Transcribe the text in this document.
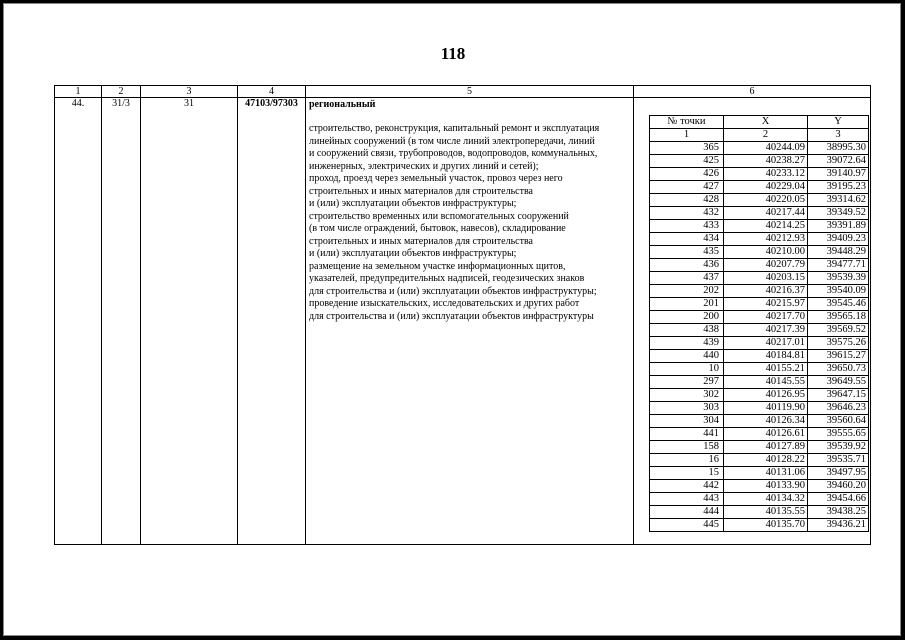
118
1	2	3	4	5	6
44.	31/3	31	47103/97303	региональный
строительство, реконструкция, капитальный ремонт и эксплуатация
линейных сооружений (в том числе линий электропередачи, линий
и сооружений связи, трубопроводов, водопроводов, коммунальных,
инженерных, электрических и других линий и сетей);
проход, проезд через земельный участок, провоз через него
строительных и иных материалов для строительства
и (или) эксплуатации объектов инфраструктуры;
строительство временных или вспомогательных сооружений
(в том числе ограждений, бытовок, навесов), складирование
строительных и иных материалов для строительства
и (или) эксплуатации объектов инфраструктуры;
размещение на земельном участке информационных щитов,
указателей, предупредительных надписей, геодезических знаков
для строительства и (или) эксплуатации объектов инфраструктуры;
проведение изыскательских, исследовательских и других работ
для строительства и (или) эксплуатации объектов инфраструктуры

№ точки	X	Y
1	2	3
365	40244.09	38995.30
425	40238.27	39072.64
426	40233.12	39140.97
427	40229.04	39195.23
428	40220.05	39314.62
432	40217.44	39349.52
433	40214.25	39391.89
434	40212.93	39409.23
435	40210.00	39448.29
436	40207.79	39477.71
437	40203.15	39539.39
202	40216.37	39540.09
201	40215.97	39545.46
200	40217.70	39565.18
438	40217.39	39569.52
439	40217.01	39575.26
440	40184.81	39615.27
10	40155.21	39650.73
297	40145.55	39649.55
302	40126.95	39647.15
303	40119.90	39646.23
304	40126.34	39560.64
441	40126.61	39555.65
158	40127.89	39539.92
16	40128.22	39535.71
15	40131.06	39497.95
442	40133.90	39460.20
443	40134.32	39454.66
444	40135.55	39438.25
445	40135.70	39436.21
